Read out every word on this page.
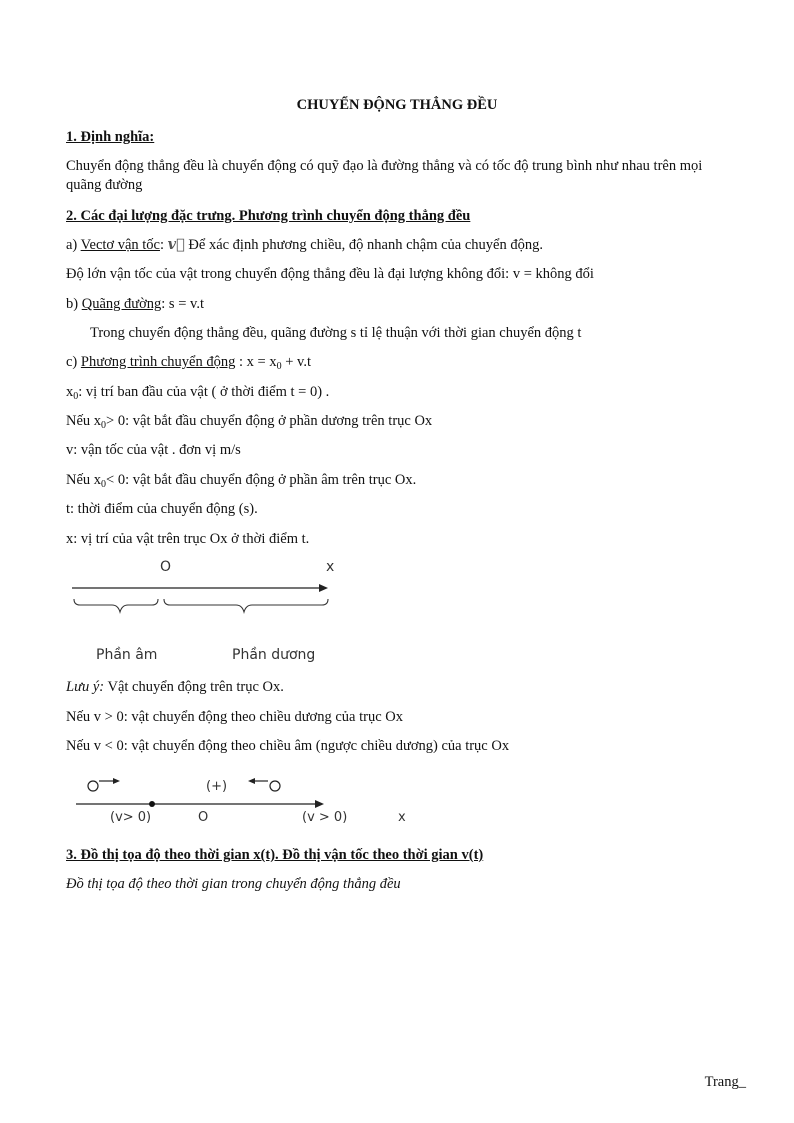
CHUYỂN ĐỘNG THẲNG ĐỀU
1. Định nghĩa:
Chuyển động thẳng đều là chuyển động có quỹ đạo là đường thẳng và có tốc độ trung bình như nhau trên mọi quãng đường
2. Các đại lượng đặc trưng. Phương trình chuyển động thẳng đều
a) Vectơ vận tốc: v⃗ Để xác định phương chiều, độ nhanh chậm của chuyển động.
Độ lớn vận tốc của vật trong chuyển động thẳng đều là đại lượng không đổi: v = không đổi
b) Quãng đường: s = v.t
Trong chuyển động thẳng đều, quãng đường s tỉ lệ thuận với thời gian chuyển động t
c) Phương trình chuyển động : $x = x_0 + v.t$
$x_0$: vị trí ban đầu của vật ( ở thời điểm t = 0) .
Nếu $x_0> 0$: vật bắt đầu chuyển động ở phần dương trên trục Ox
v: vận tốc của vật . đơn vị m/s
Nếu $x_0< 0$: vật bắt đầu chuyển động ở phần âm trên trục Ox.
t: thời điểm của chuyển động (s).
x: vị trí của vật trên trục Ox ở thời điểm t.
O	x
Phần âm	Phần dương
Lưu ý: Vật chuyển động trên trục Ox.
Nếu v > 0: vật chuyển động theo chiều dương của trục Ox
Nếu v < 0: vật chuyển động theo chiều âm (ngược chiều dương) của trục Ox
(+)
(v> 0)	O	(v > 0)	x
3. Đồ thị tọa độ theo thời gian x(t). Đồ thị vận tốc theo thời gian v(t)
Đồ thị tọa độ theo thời gian trong chuyển động thẳng đều
Trang_
